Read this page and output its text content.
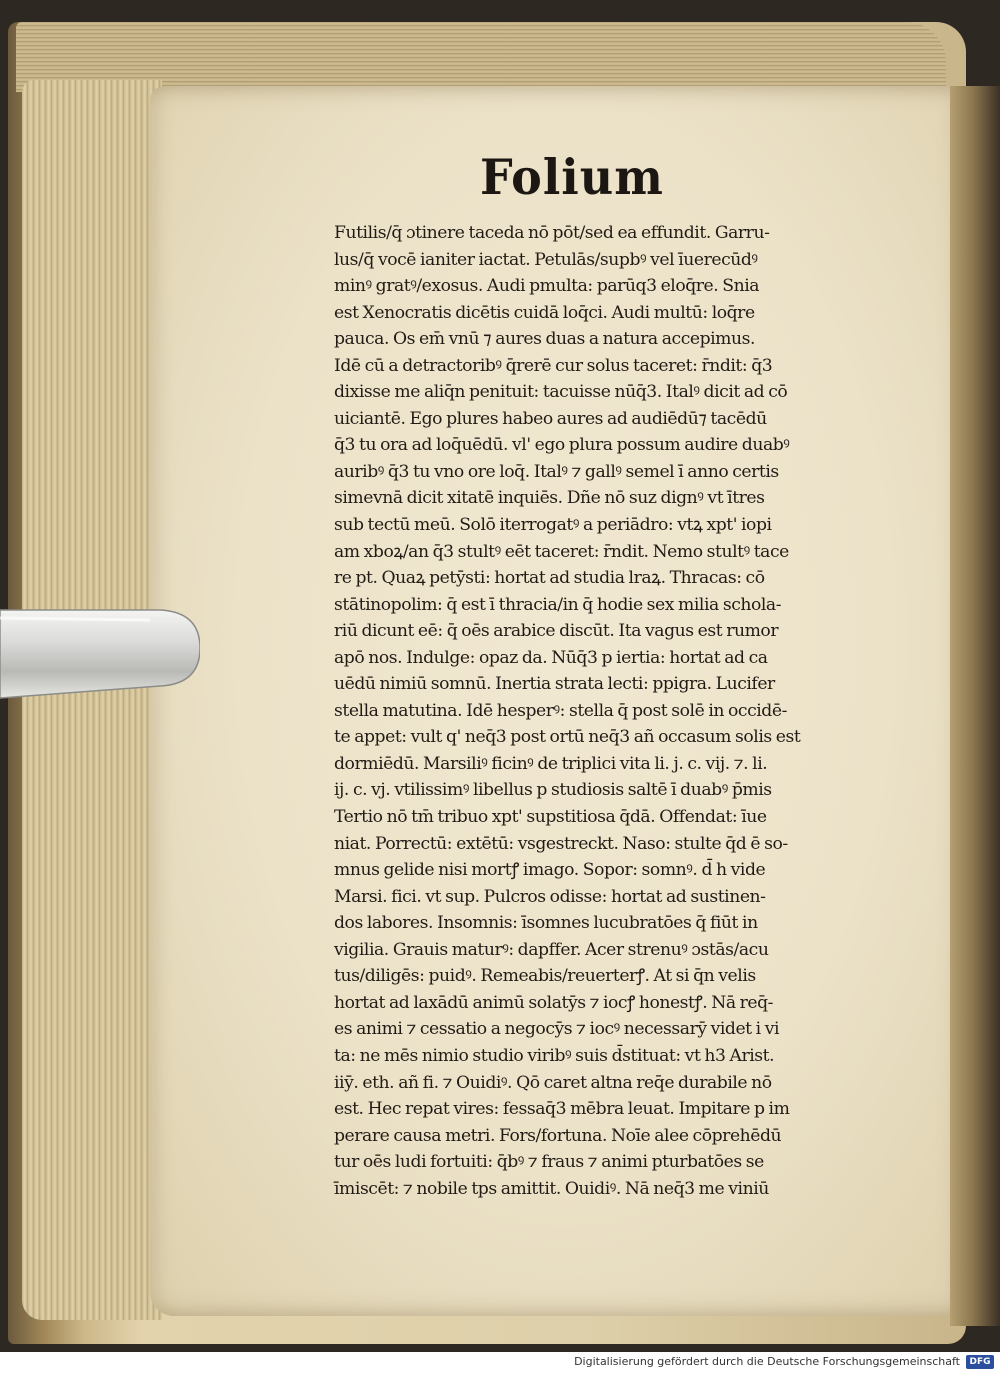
Folium
Futilis/q̄ ɔtinere taceda nō pōt/sed ea effundit. Garru-
lus/q̄ vocē ianiter iactat. Petulās/supbꝰ vel īuerecūdꝰ
minꝰ gratꝰ/exosus. Audi pmulta: parūq3 eloq̄re. Snia
est Xenocratis dicētis cuidā loq̄ci. Audi multū: loq̄re
pauca. Os em̄ vnū ⁊ aures duas a natura accepimus.
Idē cū a detractoribꝰ q̄rerē cur solus taceret: r̄ndit: q̄3
dixisse me aliq̄n penituit: tacuisse nūq̄3. Italꝰ dicit ad cō
uiciantē. Ego plures habeo aures ad audiēdū⁊ tacēdū
q̄3 tu ora ad loq̄uēdū. vl' ego plura possum audire duabꝰ
auribꝰ q̄3 tu vno ore loq̄. Italꝰ ⁊ gallꝰ semel ī anno certis
simevnā dicit xitatē inquiēs. Dñe nō suz dignꝰ vt ītres
sub tectū meū. Solō iterrogatꝰ a periādro: vtꝝ xpt' iopi
am xboꝝ/an q̄3 stultꝰ eēt taceret: r̄ndit. Nemo stultꝰ tace
re pt. Quaꝝ petȳsti: hortat ad studia lraꝝ. Thracas: cō
stātinopolim: q̄ est ī thracia/in q̄ hodie sex milia schola-
riū dicunt eē: q̄ oēs arabice discūt. Ita vagus est rumor
apō nos. Indulge: opaz da. Nūq̄3 p iertia: hortat ad ca
uēdū nimiū somnū. Inertia strata lecti: ppigra. Lucifer
stella matutina. Idē hesperꝰ: stella q̄ post solē in occidē-
te appet: vult q' neq̄3 post ortū neq̄3 añ occasum solis est
dormiēdū. Marsiliꝰ ficinꝰ de triplici vita li. j. c. vij. ⁊. li.
ij. c. vj. vtilissimꝰ libellus p studiosis saltē ī duabꝰ p̄mis
Tertio nō tm̄ tribuo xpt' supstitiosa q̄dā. Offendat: īue
niat. Porrectū: extētū: vsgestreckt. Naso: stulte q̄d ē so-
mnus gelide nisi mortꝭ imago. Sopor: somnꝰ. d̄ h vide
Marsi. fici. vt sup. Pulcros odisse: hortat ad sustinen-
dos labores. Insomnis: īsomnes lucubratōes q̄ fiūt in
vigilia. Grauis maturꝰ: dapffer. Acer strenuꝰ ɔstās/acu
tus/diligēs: puidꝰ. Remeabis/reuerterꝭ. At si q̄n velis
hortat ad laxādū animū solatȳs ⁊ iocꝭ honestꝭ. Nā req̄-
es animi ⁊ cessatio a negocȳs ⁊ iocꝰ necessarȳ videt i vi
ta: ne mēs nimio studio viribꝰ suis d̄stituat: vt h3 Arist.
iiȳ. eth. añ fi. ⁊ Ouidiꝰ. Qō caret altna req̄e durabile nō
est. Hec repat vires: fessaq̄3 mēbra leuat. Impitare p im
perare causa metri. Fors/fortuna. Noīe alee cōprehēdū
tur oēs ludi fortuiti: q̄bꝰ ⁊ fraus ⁊ animi pturbatōes se
īmiscēt: ⁊ nobile tps amittit. Ouidiꝰ. Nā neq̄3 me viniū
Digitalisierung gefördert durch die Deutsche Forschungsgemeinschaft	DFG
